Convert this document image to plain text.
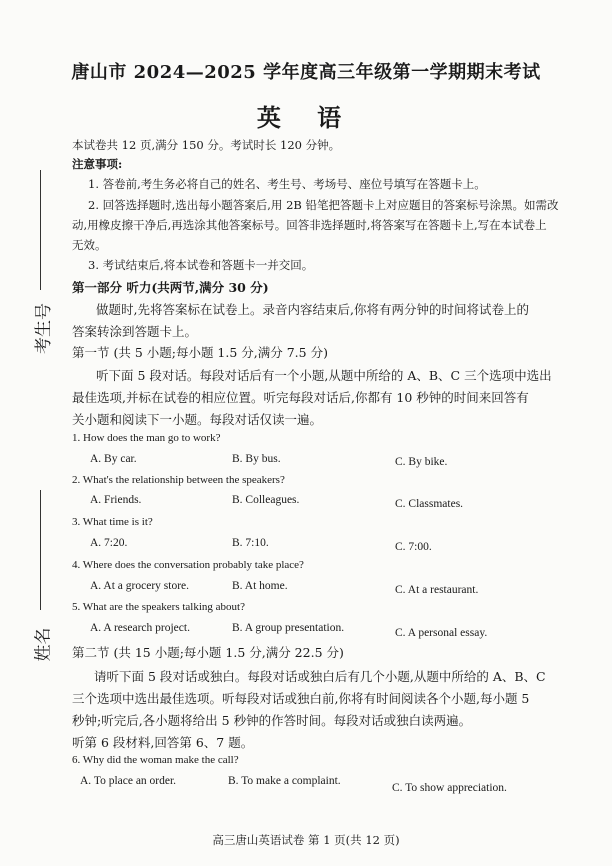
考生号
姓名
唐山市 2024—2025 学年度高三年级第一学期期末考试
英 语
本试卷共 12 页,满分 150 分。考试时长 120 分钟。
注意事项:
1. 答卷前,考生务必将自己的姓名、考生号、考场号、座位号填写在答题卡上。
2. 回答选择题时,选出每小题答案后,用 2B 铅笔把答题卡上对应题目的答案标号涂黑。如需改
动,用橡皮擦干净后,再选涂其他答案标号。回答非选择题时,将答案写在答题卡上,写在本试卷上
无效。
3. 考试结束后,将本试卷和答题卡一并交回。
第一部分 听力(共两节,满分 30 分)
做题时,先将答案标在试卷上。录音内容结束后,你将有两分钟的时间将试卷上的
答案转涂到答题卡上。
第一节 (共 5 小题;每小题 1.5 分,满分 7.5 分)
听下面 5 段对话。每段对话后有一个小题,从题中所给的 A、B、C 三个选项中选出
最佳选项,并标在试卷的相应位置。听完每段对话后,你都有 10 秒钟的时间来回答有
关小题和阅读下一小题。每段对话仅读一遍。
1. How does the man go to work?
A. By car.	B. By bus.	C. By bike.
2. What's the relationship between the speakers?
A. Friends.	B. Colleagues.	C. Classmates.
3. What time is it?
A. 7:20.	B. 7:10.	C. 7:00.
4. Where does the conversation probably take place?
A. At a grocery store.	B. At home.	C. At a restaurant.
5. What are the speakers talking about?
A. A research project.	B. A group presentation.	C. A personal essay.
第二节 (共 15 小题;每小题 1.5 分,满分 22.5 分)
请听下面 5 段对话或独白。每段对话或独白后有几个小题,从题中所给的 A、B、C
三个选项中选出最佳选项。听每段对话或独白前,你将有时间阅读各个小题,每小题 5
秒钟;听完后,各小题将给出 5 秒钟的作答时间。每段对话或独白读两遍。
听第 6 段材料,回答第 6、7 题。
6. Why did the woman make the call?
A. To place an order.	B. To make a complaint.
C. To show appreciation.
高三唐山英语试卷 第 1 页(共 12 页)
